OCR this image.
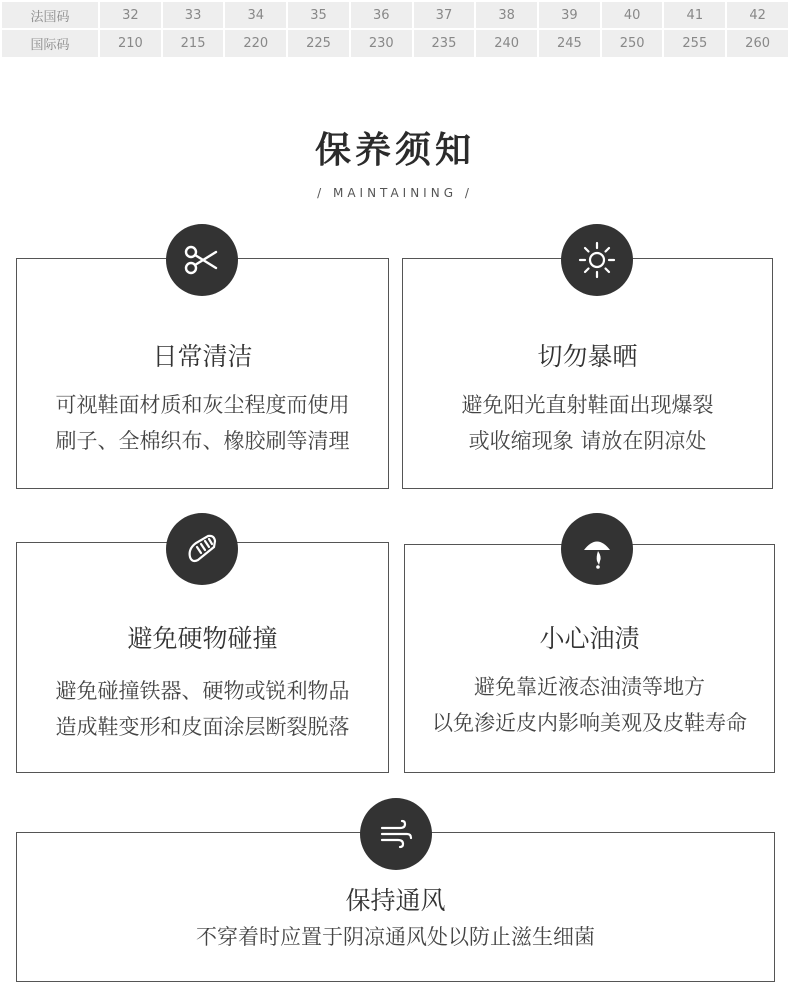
法国码	32	33	34	35	36	37	38	39	40	41	42
国际码	210	215	220	225	230	235	240	245	250	255	260
保养须知
/ MAINTAINING /
日常清洁
可视鞋面材质和灰尘程度而使用
刷子、全棉织布、橡胶刷等清理
切勿暴晒
避免阳光直射鞋面出现爆裂
或收缩现象 请放在阴凉处
避免硬物碰撞
避免碰撞铁器、硬物或锐利物品
造成鞋变形和皮面涂层断裂脱落
小心油渍
避免靠近液态油渍等地方
以免渗近皮内影响美观及皮鞋寿命
保持通风
不穿着时应置于阴凉通风处以防止滋生细菌
